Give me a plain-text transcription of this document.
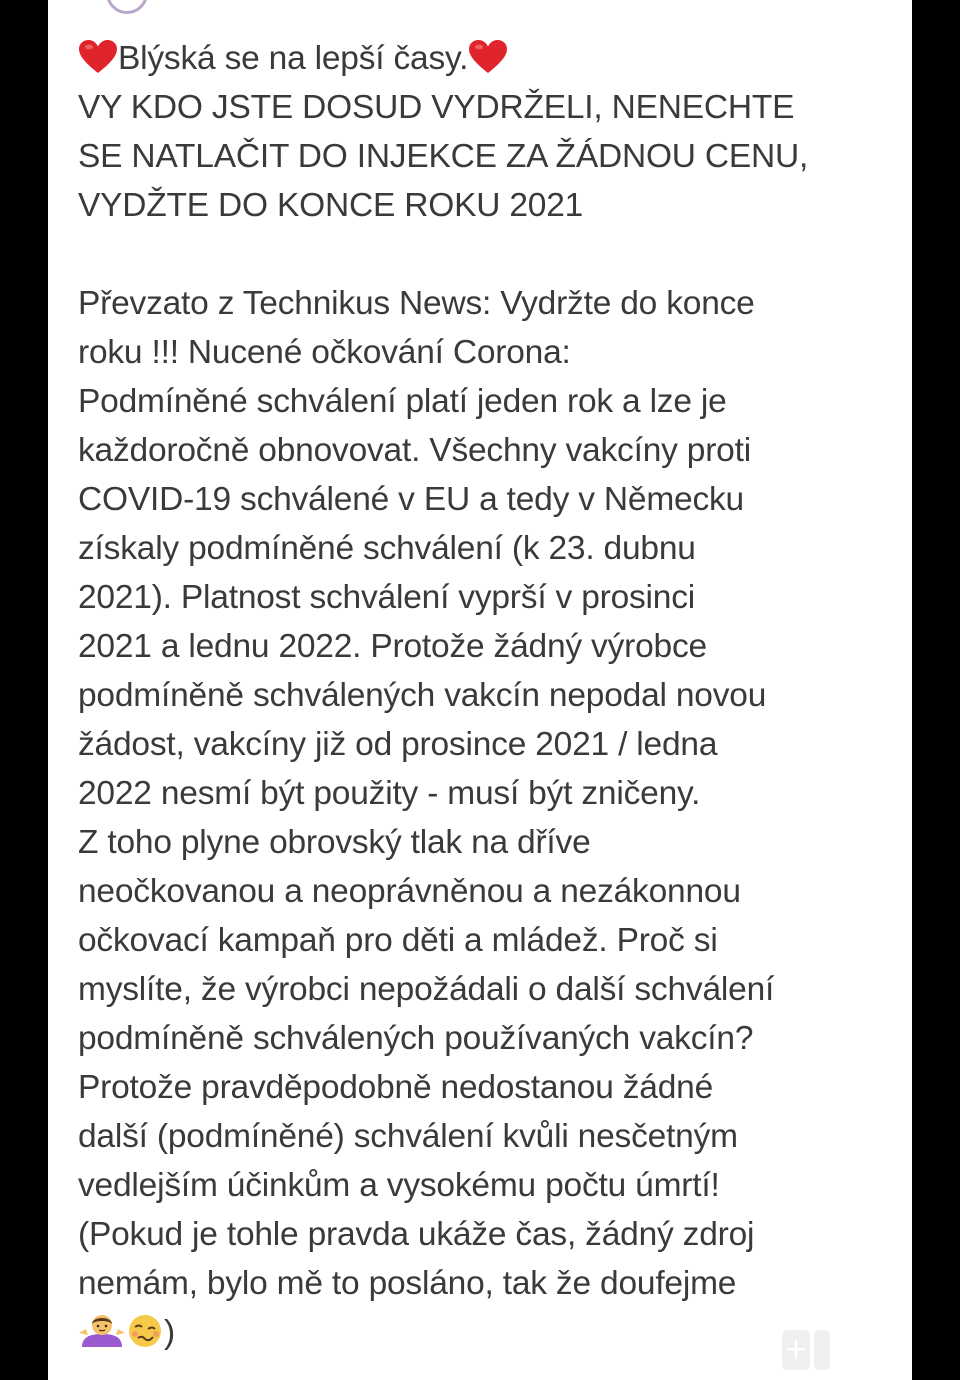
Blýská se na lepší časy.
VY KDO JSTE DOSUD VYDRŽELI, NENECHTE
SE NATLAČIT DO INJEKCE ZA ŽÁDNOU CENU,
VYDŽTE DO KONCE ROKU 2021
Převzato z Technikus News: Vydržte do konce
roku !!! Nucené očkování Corona:
Podmíněné schválení platí jeden rok a lze je
každoročně obnovovat. Všechny vakcíny proti
COVID-19 schválené v EU a tedy v Německu
získaly podmíněné schválení (k 23. dubnu
2021). Platnost schválení vyprší v prosinci
2021 a lednu 2022. Protože žádný výrobce
podmíněně schválených vakcín nepodal novou
žádost, vakcíny již od prosince 2021 / ledna
2022 nesmí být použity - musí být zničeny.
Z toho plyne obrovský tlak na dříve
neočkovanou a neoprávněnou a nezákonnou
očkovací kampaň pro děti a mládež. Proč si
myslíte, že výrobci nepožádali o další schválení
podmíněně schválených používaných vakcín?
Protože pravděpodobně nedostanou žádné
další (podmíněné) schválení kvůli nesčetným
vedlejším účinkům a vysokému počtu úmrtí!
(Pokud je tohle pravda ukáže čas, žádný zdroj
nemám, bylo mě to posláno, tak že doufejme
)	+
